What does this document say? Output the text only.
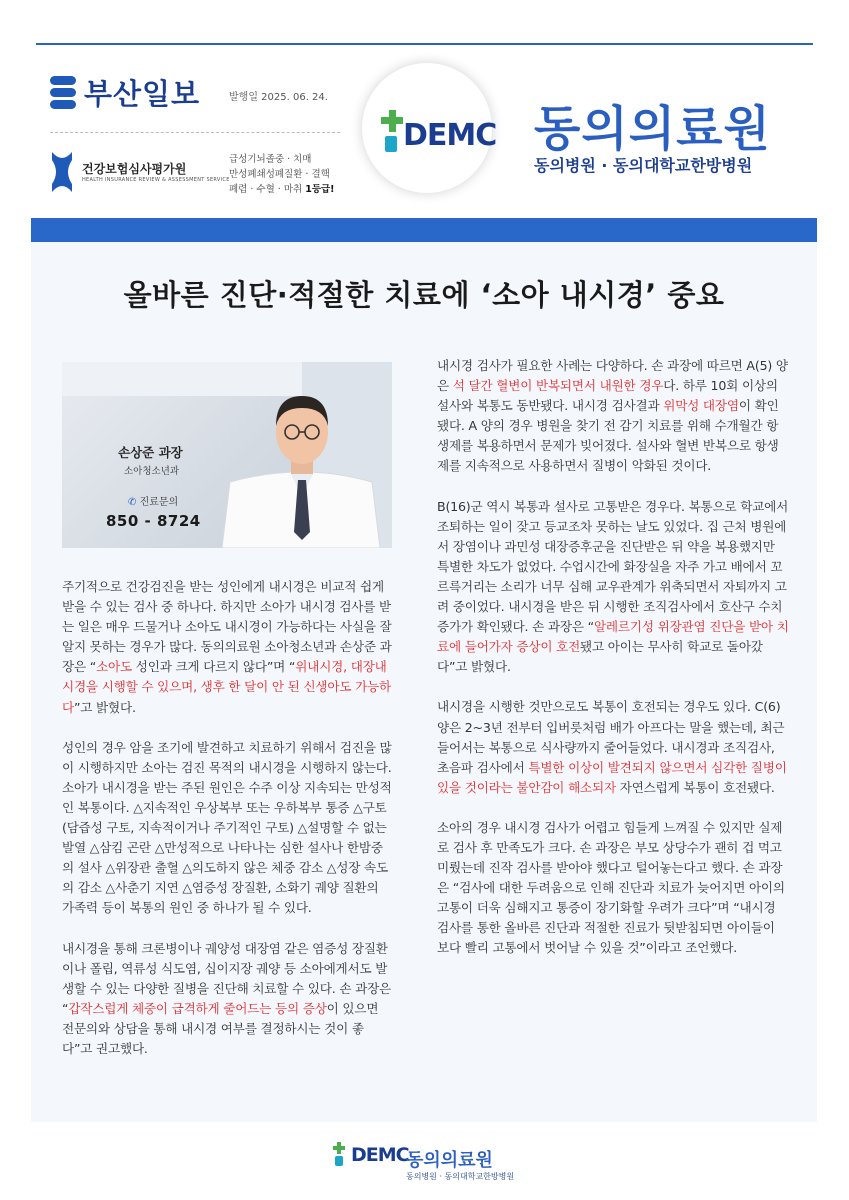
부산일보	발행일 2025. 06. 24.
건강보험심사평가원
HEALTH INSURANCE REVIEW & ASSESSMENT SERVICE
급성기뇌졸중 · 치매
만성폐쇄성폐질환 · 결핵
폐렴 · 수혈 · 마취 1등급!
DEMC 동의의료원
동의병원 · 동의대학교한방병원
올바른 진단·적절한 치료에 ‘소아 내시경’ 중요
손상준 과장
소아청소년과
✆ 진료문의
850 - 8724

주기적으로 건강검진을 받는 성인에게 내시경은 비교적 쉽게 받을 수 있는 검사 중 하나다. 하지만 소아가 내시경 검사를 받는 일은 매우 드물거나 소아도 내시경이 가능하다는 사실을 잘 알지 못하는 경우가 많다. 동의의료원 소아청소년과 손상준 과장은 “소아도 성인과 크게 다르지 않다”며 “위내시경, 대장내시경을 시행할 수 있으며, 생후 한 달이 안 된 신생아도 가능하다”고 밝혔다.

성인의 경우 암을 조기에 발견하고 치료하기 위해서 검진을 많이 시행하지만 소아는 검진 목적의 내시경을 시행하지 않는다. 소아가 내시경을 받는 주된 원인은 수주 이상 지속되는 만성적인 복통이다. △지속적인 우상복부 또는 우하복부 통증 △구토(담즙성 구토, 지속적이거나 주기적인 구토) △설명할 수 없는 발열 △삼킴 곤란 △만성적으로 나타나는 심한 설사나 한밤중의 설사 △위장관 출혈 △의도하지 않은 체중 감소 △성장 속도의 감소 △사춘기 지연 △염증성 장질환, 소화기 궤양 질환의 가족력 등이 복통의 원인 중 하나가 될 수 있다.

내시경을 통해 크론병이나 궤양성 대장염 같은 염증성 장질환이나 폴립, 역류성 식도염, 십이지장 궤양 등 소아에게서도 발생할 수 있는 다양한 질병을 진단해 치료할 수 있다. 손 과장은 “갑작스럽게 체중이 급격하게 줄어드는 등의 증상이 있으면 전문의와 상담을 통해 내시경 여부를 결정하시는 것이 좋다”고 권고했다.

내시경 검사가 필요한 사례는 다양하다. 손 과장에 따르면 A(5) 양은 석 달간 혈변이 반복되면서 내원한 경우다. 하루 10회 이상의 설사와 복통도 동반됐다. 내시경 검사결과 위막성 대장염이 확인됐다. A 양의 경우 병원을 찾기 전 감기 치료를 위해 수개월간 항생제를 복용하면서 문제가 빚어졌다. 설사와 혈변 반복으로 항생제를 지속적으로 사용하면서 질병이 악화된 것이다.

B(16)군 역시 복통과 설사로 고통받은 경우다. 복통으로 학교에서 조퇴하는 일이 잦고 등교조차 못하는 날도 있었다. 집 근처 병원에서 장염이나 과민성 대장증후군을 진단받은 뒤 약을 복용했지만 특별한 차도가 없었다. 수업시간에 화장실을 자주 가고 배에서 꼬르륵거리는 소리가 너무 심해 교우관계가 위축되면서 자퇴까지 고려 중이었다. 내시경을 받은 뒤 시행한 조직검사에서 호산구 수치 증가가 확인됐다. 손 과장은 “알레르기성 위장관염 진단을 받아 치료에 들어가자 증상이 호전됐고 아이는 무사히 학교로 돌아갔다”고 밝혔다.

내시경을 시행한 것만으로도 복통이 호전되는 경우도 있다. C(6) 양은 2~3년 전부터 입버릇처럼 배가 아프다는 말을 했는데, 최근 들어서는 복통으로 식사량까지 줄어들었다. 내시경과 조직검사, 초음파 검사에서 특별한 이상이 발견되지 않으면서 심각한 질병이 있을 것이라는 불안감이 해소되자 자연스럽게 복통이 호전됐다.

소아의 경우 내시경 검사가 어렵고 힘들게 느껴질 수 있지만 실제로 검사 후 만족도가 크다. 손 과장은 부모 상당수가 괜히 겁 먹고 미뤘는데 진작 검사를 받아야 했다고 털어놓는다고 했다. 손 과장은 “검사에 대한 두려움으로 인해 진단과 치료가 늦어지면 아이의 고통이 더욱 심해지고 통증이 장기화할 우려가 크다”며 “내시경 검사를 통한 올바른 진단과 적절한 진료가 뒷받침되면 아이들이 보다 빨리 고통에서 벗어날 수 있을 것”이라고 조언했다.

DEMC
동의의료원
동의병원 · 동의대학교한방병원
